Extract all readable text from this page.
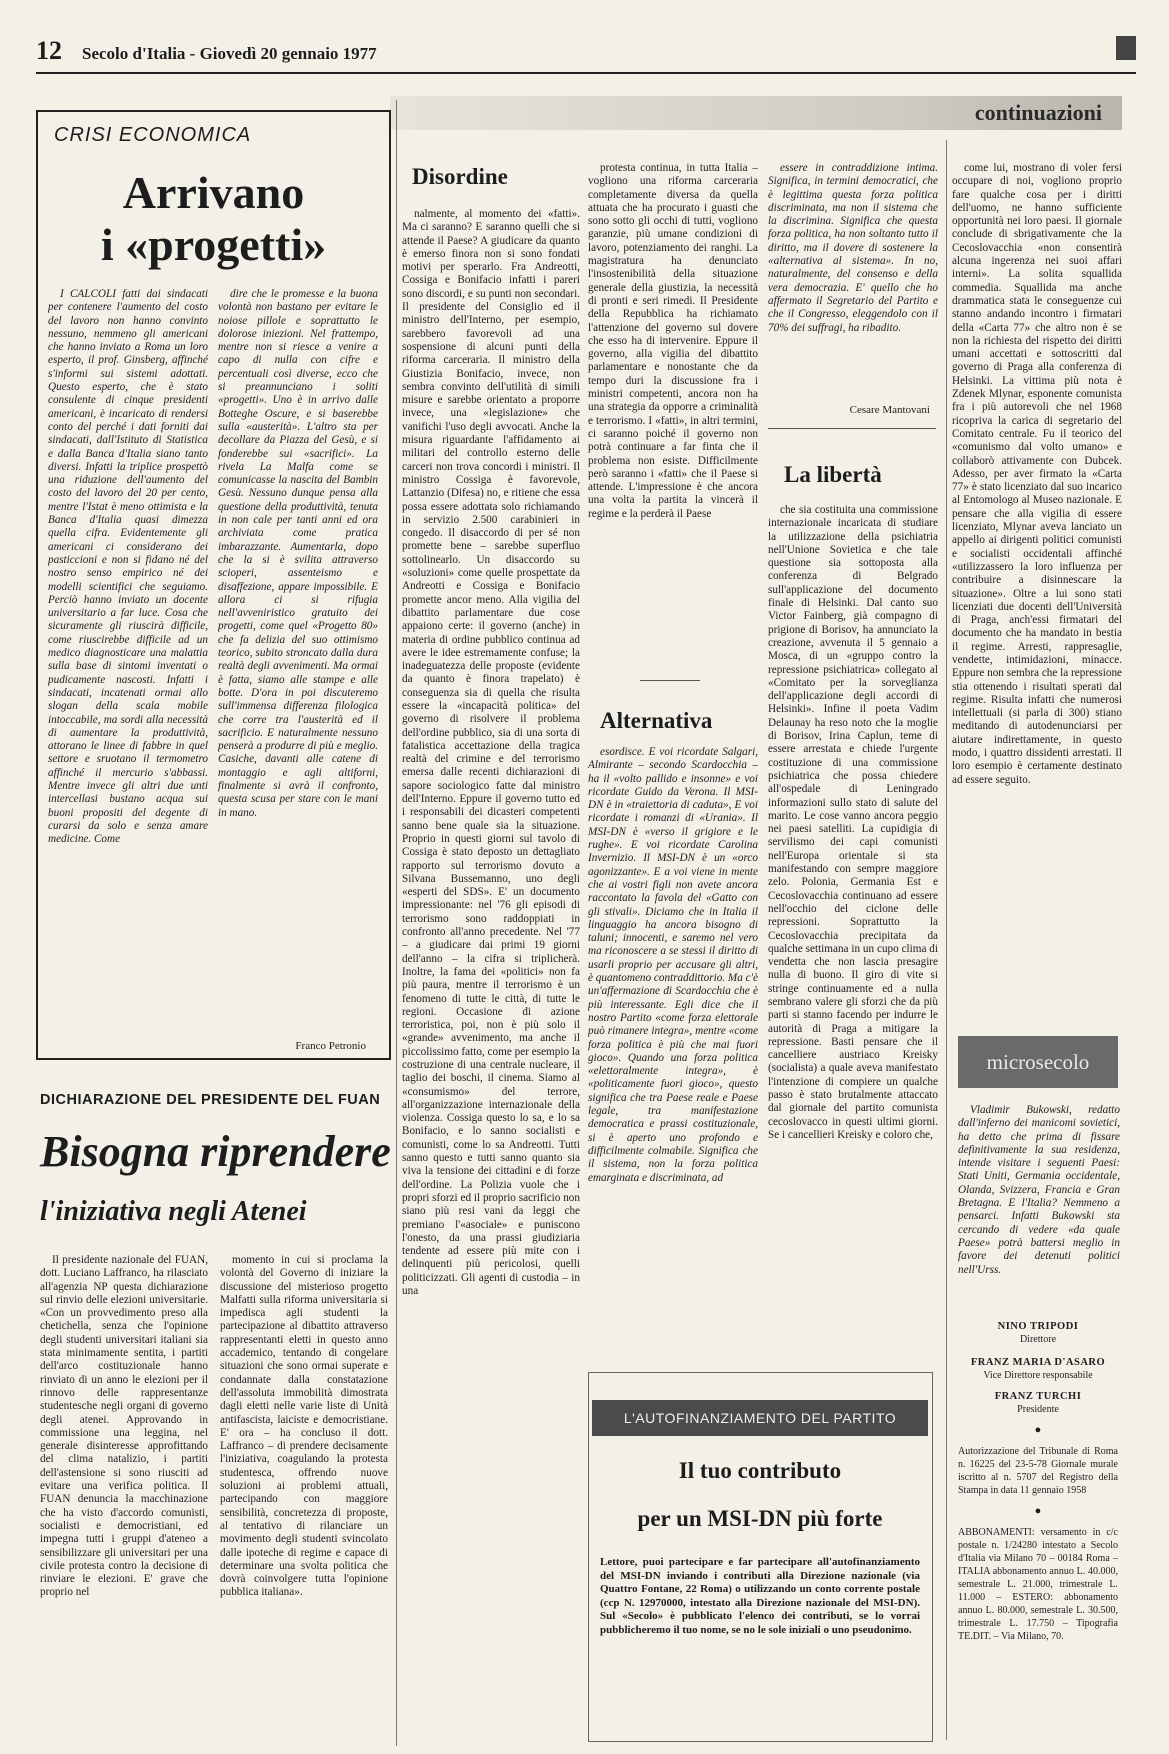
12 Secolo d'Italia - Giovedì 20 gennaio 1977
continuazioni
CRISI ECONOMICA
Arrivano
i «progetti»

I CALCOLI fatti dai sindacati per contenere l'aumento del costo del lavoro non hanno convinto nessuno, nemmeno gli americani che hanno inviato a Roma un loro esperto, il prof. Ginsberg, affinché s'informi sui sistemi adottati. Questo esperto, che è stato consulente di cinque presidenti americani, è incaricato di rendersi conto del perché i dati forniti dai sindacati, dall'Istituto di Statistica e dalla Banca d'Italia siano tanto diversi. Infatti la triplice prospettò una riduzione dell'aumento del costo del lavoro del 20 per cento, mentre l'Istat è meno ottimista e la Banca d'Italia quasi dimezza quella cifra. Evidentemente gli americani ci considerano dei pasticcioni e non si fidano né del nostro senso empirico né dei modelli scientifici che seguiamo. Perciò hanno inviato un docente universitario a far luce. Cosa che sicuramente gli riuscirà difficile, come riuscirebbe difficile ad un medico diagnosticare una malattia sulla base di sintomi inventati o pudicamente nascosti. Infatti i sindacati, incatenati ormai allo slogan della scala mobile intoccabile, ma sordi alla necessità di aumentare la produttività, attorano le linee di fabbre in quel settore e sruotano il termometro affinché il mercurio s'abbassi. Mentre invece gli altri due unti intercellasi bustano acqua sui buoni propositi del degente di curarsi da solo e senza amare medicine. Come

dire che le promesse e la buona volontà non bastano per evitare le noiose pillole e soprattutto le dolorose iniezioni. Nel frattempo, mentre non si riesce a venire a capo di nulla con cifre e percentuali così diverse, ecco che si preannunciano i soliti «progetti». Uno è in arrivo dalle Botteghe Oscure, e si baserebbe sulla «austerità». L'altro sta per decollare da Piazza del Gesù, e si fonderebbe sui «sacrifici». La rivela La Malfa come se comunicasse la nascita del Bambin Gesù. Nessuno dunque pensa alla questione della produttività, tenuta in non cale per tanti anni ed ora archiviata come pratica imbarazzante. Aumentarla, dopo che la si è svilita attraverso scioperi, assenteismo e disaffezione, appare impossibile. E allora ci si rifugia nell'avveniristico gratuito dei progetti, come quel «Progetto 80» che fa delizia del suo ottimismo teorico, subito stroncato dalla dura realtà degli avvenimenti. Ma ormai è fatta, siamo alle stampe e alle botte. D'ora in poi discuteremo sull'immensa differenza filologica che corre tra l'austerità ed il sacrificio. E naturalmente nessuno penserà a produrre di più e meglio. Casiche, davanti alle catene di montaggio e agli altiforni, finalmente si avrà il confronto, questa scusa per stare con le mani in mano.

Franco Petronio
DICHIARAZIONE DEL PRESIDENTE DEL FUAN
Bisogna riprendere
l'iniziativa negli Atenei

Il presidente nazionale del FUAN, dott. Luciano Laffranco, ha rilasciato all'agenzia NP questa dichiarazione sul rinvio delle elezioni universitarie. «Con un provvedimento preso alla chetichella, senza che l'opinione degli studenti universitari italiani sia stata minimamente sentita, i partiti dell'arco costituzionale hanno rinviato di un anno le elezioni per il rinnovo delle rappresentanze studentesche negli organi di governo degli atenei. Approvando in commissione una leggina, nel generale disinteresse approfittando del clima natalizio, i partiti dell'astensione si sono riusciti ad evitare una verifica politica. Il FUAN denuncia la macchinazione che ha visto d'accordo comunisti, socialisti e democristiani, ed impegna tutti i gruppi d'ateneo a sensibilizzare gli universitari per una civile protesta contro la decisione di rinviare le elezioni. E' grave che proprio nel

momento in cui si proclama la volontà del Governo di iniziare la discussione del misterioso progetto Malfatti sulla riforma universitaria si impedisca agli studenti la partecipazione al dibattito attraverso rappresentanti eletti in questo anno accademico, tentando di congelare situazioni che sono ormai superate e condannate dalla constatazione dell'assoluta immobilità dimostrata dagli eletti nelle varie liste di Unità antifascista, laiciste e democristiane. E' ora – ha concluso il dott. Laffranco – di prendere decisamente l'iniziativa, coagulando la protesta studentesca, offrendo nuove soluzioni ai problemi attuali, partecipando con maggiore sensibilità, concretezza di proposte, al tentativo di rilanciare un movimento degli studenti svincolato dalle ipoteche di regime e capace di determinare una svolta politica che dovrà coinvolgere tutta l'opinione pubblica italiana».

Disordine

nalmente, al momento dei «fatti». Ma ci saranno? E saranno quelli che si attende il Paese? A giudicare da quanto è emerso finora non si sono fondati motivi per sperarlo. Fra Andreotti, Cossiga e Bonifacio infatti i pareri sono discordi, e su punti non secondari. Il presidente del Consiglio ed il ministro dell'Interno, per esempio, sarebbero favorevoli ad una sospensione di alcuni punti della riforma carceraria. Il ministro della Giustizia Bonifacio, invece, non sembra convinto dell'utilità di simili misure e sarebbe orientato a proporre invece, una «legislazione» che vanifichi l'uso degli avvocati. Anche la misura riguardante l'affidamento ai militari del controllo esterno delle carceri non trova concordi i ministri. Il ministro Cossiga è favorevole, Lattanzio (Difesa) no, e ritiene che essa possa essere adottata solo richiamando in servizio 2.500 carabinieri in congedo. Il disaccordo di per sé non promette bene – sarebbe superfluo sottolinearlo. Un disaccordo su «soluzioni» come quelle prospettate da Andreotti e Cossiga e Bonifacio promette ancor meno. Alla vigilia del dibattito parlamentare due cose appaiono certe: il governo (anche) in materia di ordine pubblico continua ad avere le idee estremamente confuse; la inadeguatezza delle proposte (evidente da quanto è finora trapelato) è conseguenza sia di quella che risulta essere la «incapacità politica» del governo di risolvere il problema dell'ordine pubblico, sia di una sorta di fatalistica accettazione della tragica realtà del crimine e del terrorismo emersa dalle recenti dichiarazioni di sapore sociologico fatte dal ministro dell'Interno. Eppure il governo tutto ed i responsabili dei dicasteri competenti sanno bene quale sia la situazione. Proprio in questi giorni sul tavolo di Cossiga è stato deposto un dettagliato rapporto sul terrorismo dovuto a Silvana Bussemanno, uno degli «esperti del SDS». E' un documento impressionante: nel '76 gli episodi di terrorismo sono raddoppiati in confronto all'anno precedente. Nel '77 – a giudicare dai primi 19 giorni dell'anno – la cifra si triplicherà. Inoltre, la fama dei «politici» non fa più paura, mentre il terrorismo è un fenomeno di tutte le città, di tutte le regioni. Occasione di azione terroristica, poi, non è più solo il «grande» avvenimento, ma anche il piccolissimo fatto, come per esempio la costruzione di una centrale nucleare, il taglio dei boschi, il cinema. Siamo al «consumismo» del terrore, all'organizzazione internazionale della violenza. Cossiga questo lo sa, e lo sa Bonifacio, e lo sanno socialisti e comunisti, come lo sa Andreotti. Tutti sanno questo e tutti sanno quanto sia viva la tensione dei cittadini e di forze dell'ordine. La Polizia vuole che i propri sforzi ed il proprio sacrificio non siano più resi vani da leggi che premiano l'«asociale» e puniscono l'onesto, da una prassi giudiziaria tendente ad essere più mite con i delinquenti più pericolosi, quelli politicizzati. Gli agenti di custodia – in una

protesta continua, in tutta Italia – vogliono una riforma carceraria completamente diversa da quella attuata che ha procurato i guasti che sono sotto gli occhi di tutti, vogliono garanzie, più umane condizioni di lavoro, potenziamento dei ranghi. La magistratura ha denunciato l'insostenibilità della situazione generale della giustizia, la necessità di pronti e seri rimedi. Il Presidente della Repubblica ha richiamato l'attenzione del governo sul dovere che esso ha di intervenire. Eppure il governo, alla vigilia del dibattito parlamentare e nonostante che da tempo duri la discussione fra i ministri competenti, ancora non ha una strategia da opporre a criminalità e terrorismo. I «fatti», in altri termini, ci saranno poiché il governo non potrà continuare a far finta che il problema non esiste. Difficilmente però saranno i «fatti» che il Paese si attende. L'impressione è che ancora una volta la partita la vincerà il regime e la perderà il Paese

Alternativa

esordisce. E voi ricordate Salgari, Almirante – secondo Scardocchia – ha il «volto pallido e insonne» e voi ricordate Guido da Verona. Il MSI-DN è in «traiettoria di caduta», E voi ricordate i romanzi di «Urania». Il MSI-DN è «verso il grigiore e le rughe». E voi ricordate Carolina Invernizio. Il MSI-DN è un «orco agonizzante». E a voi viene in mente che ai vostri figli non avete ancora raccontato la favola del «Gatto con gli stivali». Diciamo che in Italia il linguaggio ha ancora bisogno di taluni; innocenti, e saremo nel vero ma riconoscere a se stessi il diritto di usarli proprio per accusare gli altri, è quantomeno contraddittorio. Ma c'è un'affermazione di Scardocchia che è più interessante. Egli dice che il nostro Partito «come forza elettorale può rimanere integra», mentre «come forza politica è più che mai fuori gioco». Quando una forza politica «elettoralmente integra», è «politicamente fuori gioco», questo significa che tra Paese reale e Paese legale, tra manifestazione democratica e prassi costituzionale, si è aperto uno profondo e difficilmente colmabile. Significa che il sistema, non la forza politica emarginata e discriminata, ad

essere in contraddizione intima. Significa, in termini democratici, che è legittima questa forza politica discriminata, ma non il sistema che la discrimina. Significa che questa forza politica, ha non soltanto tutto il diritto, ma il dovere di sostenere la «alternativa al sistema». In no, naturalmente, del consenso e della vera democrazia. E' quello che ho affermato il Segretario del Partito e che il Congresso, eleggendolo con il 70% dei suffragi, ha ribadito.

Cesare Mantovani
La libertà

che sia costituita una commissione internazionale incaricata di studiare la utilizzazione della psichiatria nell'Unione Sovietica e che tale questione sia sottoposta alla conferenza di Belgrado sull'applicazione del documento finale di Helsinki. Dal canto suo Victor Fainberg, già compagno di prigione di Borisov, ha annunciato la creazione, avvenuta il 5 gennaio a Mosca, di un «gruppo contro la repressione psichiatrica» collegato al «Comitato per la sorveglianza dell'applicazione degli accordi di Helsinki». Infine il poeta Vadim Delaunay ha reso noto che la moglie di Borisov, Irina Caplun, teme di essere arrestata e chiede l'urgente costituzione di una commissione psichiatrica che possa chiedere all'ospedale di Leningrado informazioni sullo stato di salute del marito. Le cose vanno ancora peggio nei paesi satelliti. La cupidigia di servilismo dei capi comunisti nell'Europa orientale si sta manifestando con sempre maggiore zelo. Polonia, Germania Est e Cecoslovacchia continuano ad essere nell'occhio del ciclone delle repressioni. Soprattutto la Cecoslovacchia precipitata da qualche settimana in un cupo clima di vendetta che non lascia presagire nulla di buono. Il giro di vite si stringe continuamente ed a nulla sembrano valere gli sforzi che da più parti si stanno facendo per indurre le autorità di Praga a mitigare la repressione. Basti pensare che il cancelliere austriaco Kreisky (socialista) a quale aveva manifestato l'intenzione di compiere un qualche passo è stato brutalmente attaccato dal giornale del partito comunista cecoslovacco in questi ultimi giorni. Se i cancellieri Kreisky e coloro che,

come lui, mostrano di voler fersi occupare di noi, vogliono proprio fare qualche cosa per i diritti dell'uomo, ne hanno sufficiente opportunità nei loro paesi. Il giornale conclude di sbrigativamente che la Cecoslovacchia «non consentirà alcuna ingerenza nei suoi affari interni». La solita squallida commedia. Squallida ma anche drammatica stata le conseguenze cui stanno andando incontro i firmatari della «Carta 77» che altro non è se non la richiesta del rispetto dei diritti umani accettati e sottoscritti dal governo di Praga alla conferenza di Helsinki. La vittima più nota è Zdenek Mlynar, esponente comunista fra i più autorevoli che nel 1968 ricopriva la carica di segretario del Comitato centrale. Fu il teorico del «comunismo dal volto umano» e collaborò attivamente con Dubcek. Adesso, per aver firmato la «Carta 77» è stato licenziato dal suo incarico al Entomologo al Museo nazionale. E pensare che alla vigilia di essere licenziato, Mlynar aveva lanciato un appello ai dirigenti politici comunisti e socialisti occidentali affinché «utilizzassero la loro influenza per contribuire a disinnescare la situazione». Oltre a lui sono stati licenziati due docenti dell'Università di Praga, anch'essi firmatari del documento che ha mandato in bestia il regime. Arresti, rappresaglie, vendette, intimidazioni, minacce. Eppure non sembra che la repressione stia ottenendo i risultati sperati dal regime. Risulta infatti che numerosi intellettuali (si parla di 300) stiano meditando di autodenunciarsi per aiutare indirettamente, in questo modo, i quattro dissidenti arrestati. Il loro esempio è certamente destinato ad essere seguito.

microsecolo

Vladimir Bukowski, redatto dall'inferno dei manicomi sovietici, ha detto che prima di fissare definitivamente la sua residenza, intende visitare i seguenti Paesi: Stati Uniti, Germania occidentale, Olanda, Svizzera, Francia e Gran Bretagna. E l'Italia? Nemmeno a pensarci. Infatti Bukowski sta cercando di vedere «da quale Paese» potrà battersi meglio in favore dei detenuti politici nell'Urss.

NINO TRIPODI
Direttore
FRANZ MARIA D'ASARO
Vice Direttore responsabile
FRANZ TURCHI
Presidente
●
Autorizzazione del Tribunale di Roma n. 16225 del 23-5-78 Giornale murale iscritto al n. 5707 del Registro della Stampa in data 11 gennaio 1958
●
ABBONAMENTI: versamento in c/c postale n. 1/24280 intestato a Secolo d'Italia via Milano 70 – 00184 Roma – ITALIA abbonamento annuo L. 40.000, semestrale L. 21.000, trimestrale L. 11.000 – ESTERO: abbonamento annuo L. 80.000, semestrale L. 30.500, trimestrale L. 17.750 – Tipografia TE.DIT. – Via Milano, 70.
L'AUTOFINANZIAMENTO DEL PARTITO
Il tuo contributo
per un MSI-DN più forte
Lettore, puoi partecipare e far partecipare all'autofinanziamento del MSI-DN inviando i contributi alla Direzione nazionale (via Quattro Fontane, 22 Roma) o utilizzando un conto corrente postale (ccp N. 12970000, intestato alla Direzione nazionale del MSI-DN). Sul «Secolo» è pubblicato l'elenco dei contributi, se lo vorrai pubblicheremo il tuo nome, se no le sole iniziali o uno pseudonimo.
